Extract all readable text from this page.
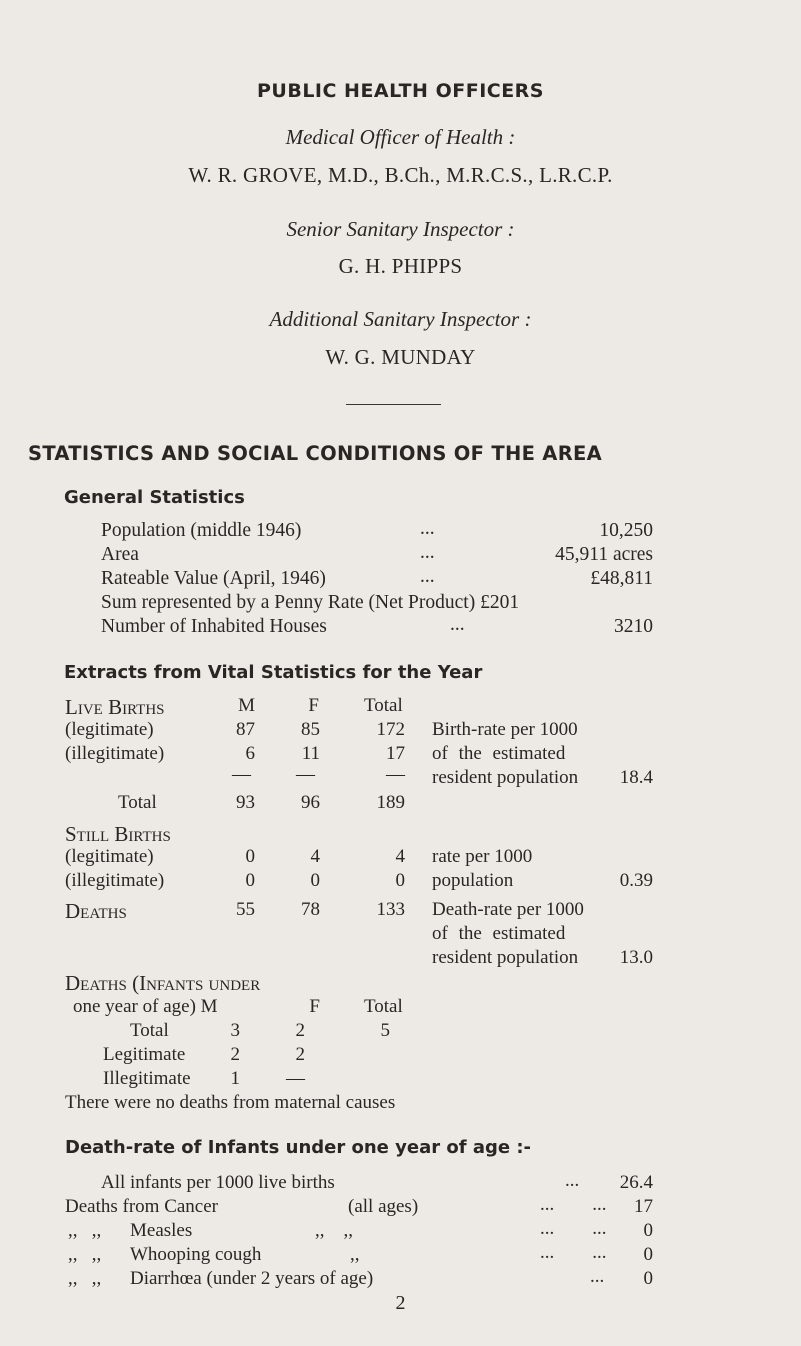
PUBLIC HEALTH OFFICERS
Medical Officer of Health :
W. R. GROVE, M.D., B.Ch., M.R.C.S., L.R.C.P.
Senior Sanitary Inspector :
G. H. PHIPPS
Additional Sanitary Inspector :
W. G. MUNDAY
STATISTICS AND SOCIAL CONDITIONS OF THE AREA
General Statistics
Population (middle 1946)	...	10,250
Area	...	45,911 acres
Rateable Value (April, 1946)	...	£48,811
Sum represented by a Penny Rate (Net Product) £201
Number of Inhabited Houses	...	3210
Extracts from Vital Statistics for the Year
Live Births	M	F Total
(legitimate)	87	85	172 Birth-rate per 1000
(illegitimate)	6	11	17 of the estimated
— —	— resident population	18.4
Total	93	96	189
Still Births
(legitimate)	0	4	4 rate per 1000
(illegitimate)	0	0	0 population	0.39
Deaths	55	78	133 Death-rate per 1000
of the estimated
resident population	13.0
Deaths (Infants under
one year of age) M	F Total
Total	3	2	5
Legitimate	2	2
Illegitimate	1	—
There were no deaths from maternal causes
Death-rate of Infants under one year of age :-
All infants per 1000 live births	...	26.4
Deaths from Cancer	(all ages)	...        ...	17
,,   ,, Measles	,,    ,,	...        ...	0
,,   ,, Whooping cough	,,	...        ...	0
,,   ,, Diarrhœa (under 2 years of age)	...	0
2
